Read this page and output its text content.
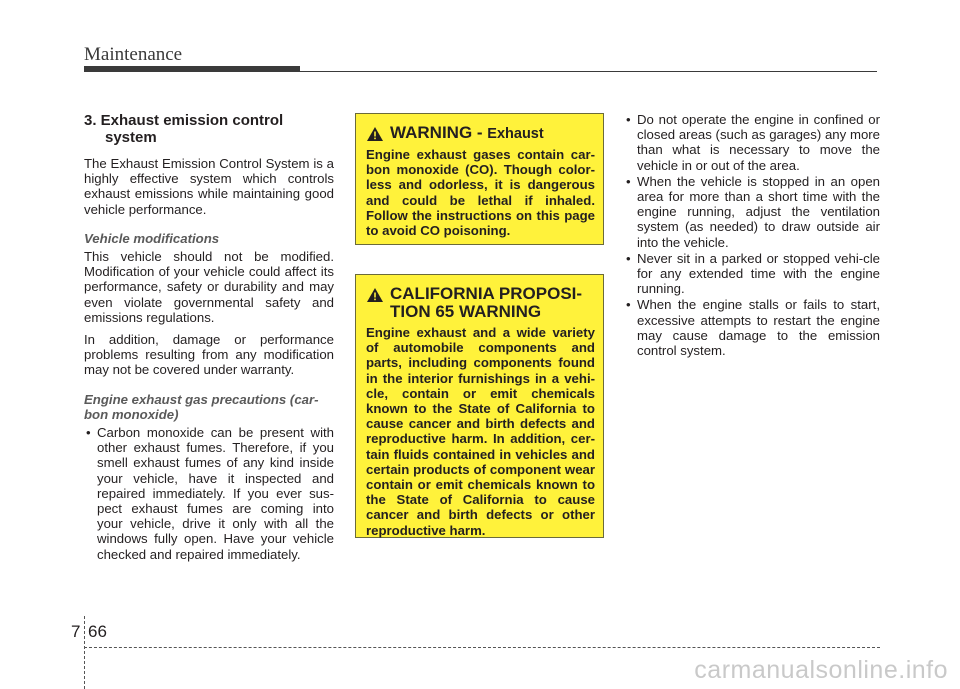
Maintenance
3. Exhaust emission control system

The Exhaust Emission Control System is a highly effective system which controls exhaust emissions while maintaining good vehicle performance.

Vehicle modifications

This vehicle should not be modified. Modification of your vehicle could affect its performance, safety or durability and may even violate governmental safety and emissions regulations.

In addition, damage or performance problems resulting from any modification may not be covered under warranty.

Engine exhaust gas precautions (car-bon monoxide)
• Carbon monoxide can be present with other exhaust fumes. Therefore, if you smell exhaust fumes of any kind inside your vehicle, have it inspected and repaired immediately. If you ever sus-pect exhaust fumes are coming into your vehicle, drive it only with all the windows fully open. Have your vehicle checked and repaired immediately.
WARNING - Exhaust

Engine exhaust gases contain car-bon monoxide (CO). Though color-less and odorless, it is dangerous and could be lethal if inhaled. Follow the instructions on this page to avoid CO poisoning.

CALIFORNIA PROPOSI-TION 65 WARNING

Engine exhaust and a wide variety of automobile components and parts, including components found in the interior furnishings in a vehi-cle, contain or emit chemicals known to the State of California to cause cancer and birth defects and reproductive harm. In addition, cer-tain fluids contained in vehicles and certain products of component wear contain or emit chemicals known to the State of California to cause cancer and birth defects or other reproductive harm.

• Do not operate the engine in confined or closed areas (such as garages) any more than what is necessary to move the vehicle in or out of the area.
• When the vehicle is stopped in an open area for more than a short time with the engine running, adjust the ventilation system (as needed) to draw outside air into the vehicle.
• Never sit in a parked or stopped vehi-cle for any extended time with the engine running.
• When the engine stalls or fails to start, excessive attempts to restart the engine may cause damage to the emission control system.
7 66
carmanualsonline.info
